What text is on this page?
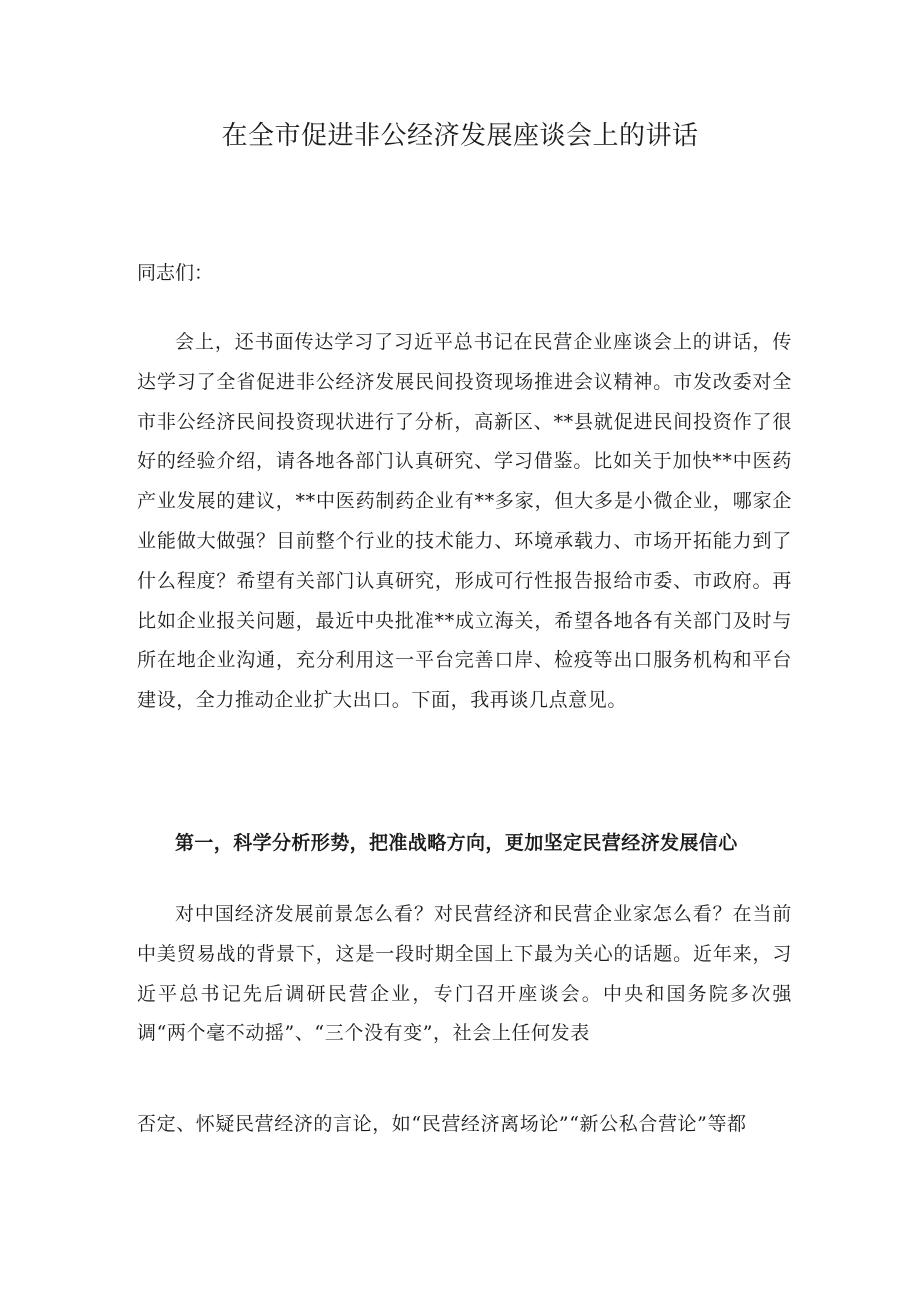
在全市促进非公经济发展座谈会上的讲话

同志们：

会上，还书面传达学习了习近平总书记在民营企业座谈会上的讲话，传达学习了全省促进非公经济发展民间投资现场推进会议精神。市发改委对全市非公经济民间投资现状进行了分析，高新区、**县就促进民间投资作了很好的经验介绍，请各地各部门认真研究、学习借鉴。比如关于加快**中医药产业发展的建议，**中医药制药企业有**多家，但大多是小微企业，哪家企业能做大做强？目前整个行业的技术能力、环境承载力、市场开拓能力到了什么程度？希望有关部门认真研究，形成可行性报告报给市委、市政府。再比如企业报关问题，最近中央批准**成立海关，希望各地各有关部门及时与所在地企业沟通，充分利用这一平台完善口岸、检疫等出口服务机构和平台建设，全力推动企业扩大出口。下面，我再谈几点意见。

第一，科学分析形势，把准战略方向，更加坚定民营经济发展信心

对中国经济发展前景怎么看？对民营经济和民营企业家怎么看？在当前中美贸易战的背景下，这是一段时期全国上下最为关心的话题。近年来，习近平总书记先后调研民营企业，专门召开座谈会。中央和国务院多次强调“两个毫不动摇”、“三个没有变”，社会上任何发表

否定、怀疑民营经济的言论，如“民营经济离场论”“新公私合营论”等都
